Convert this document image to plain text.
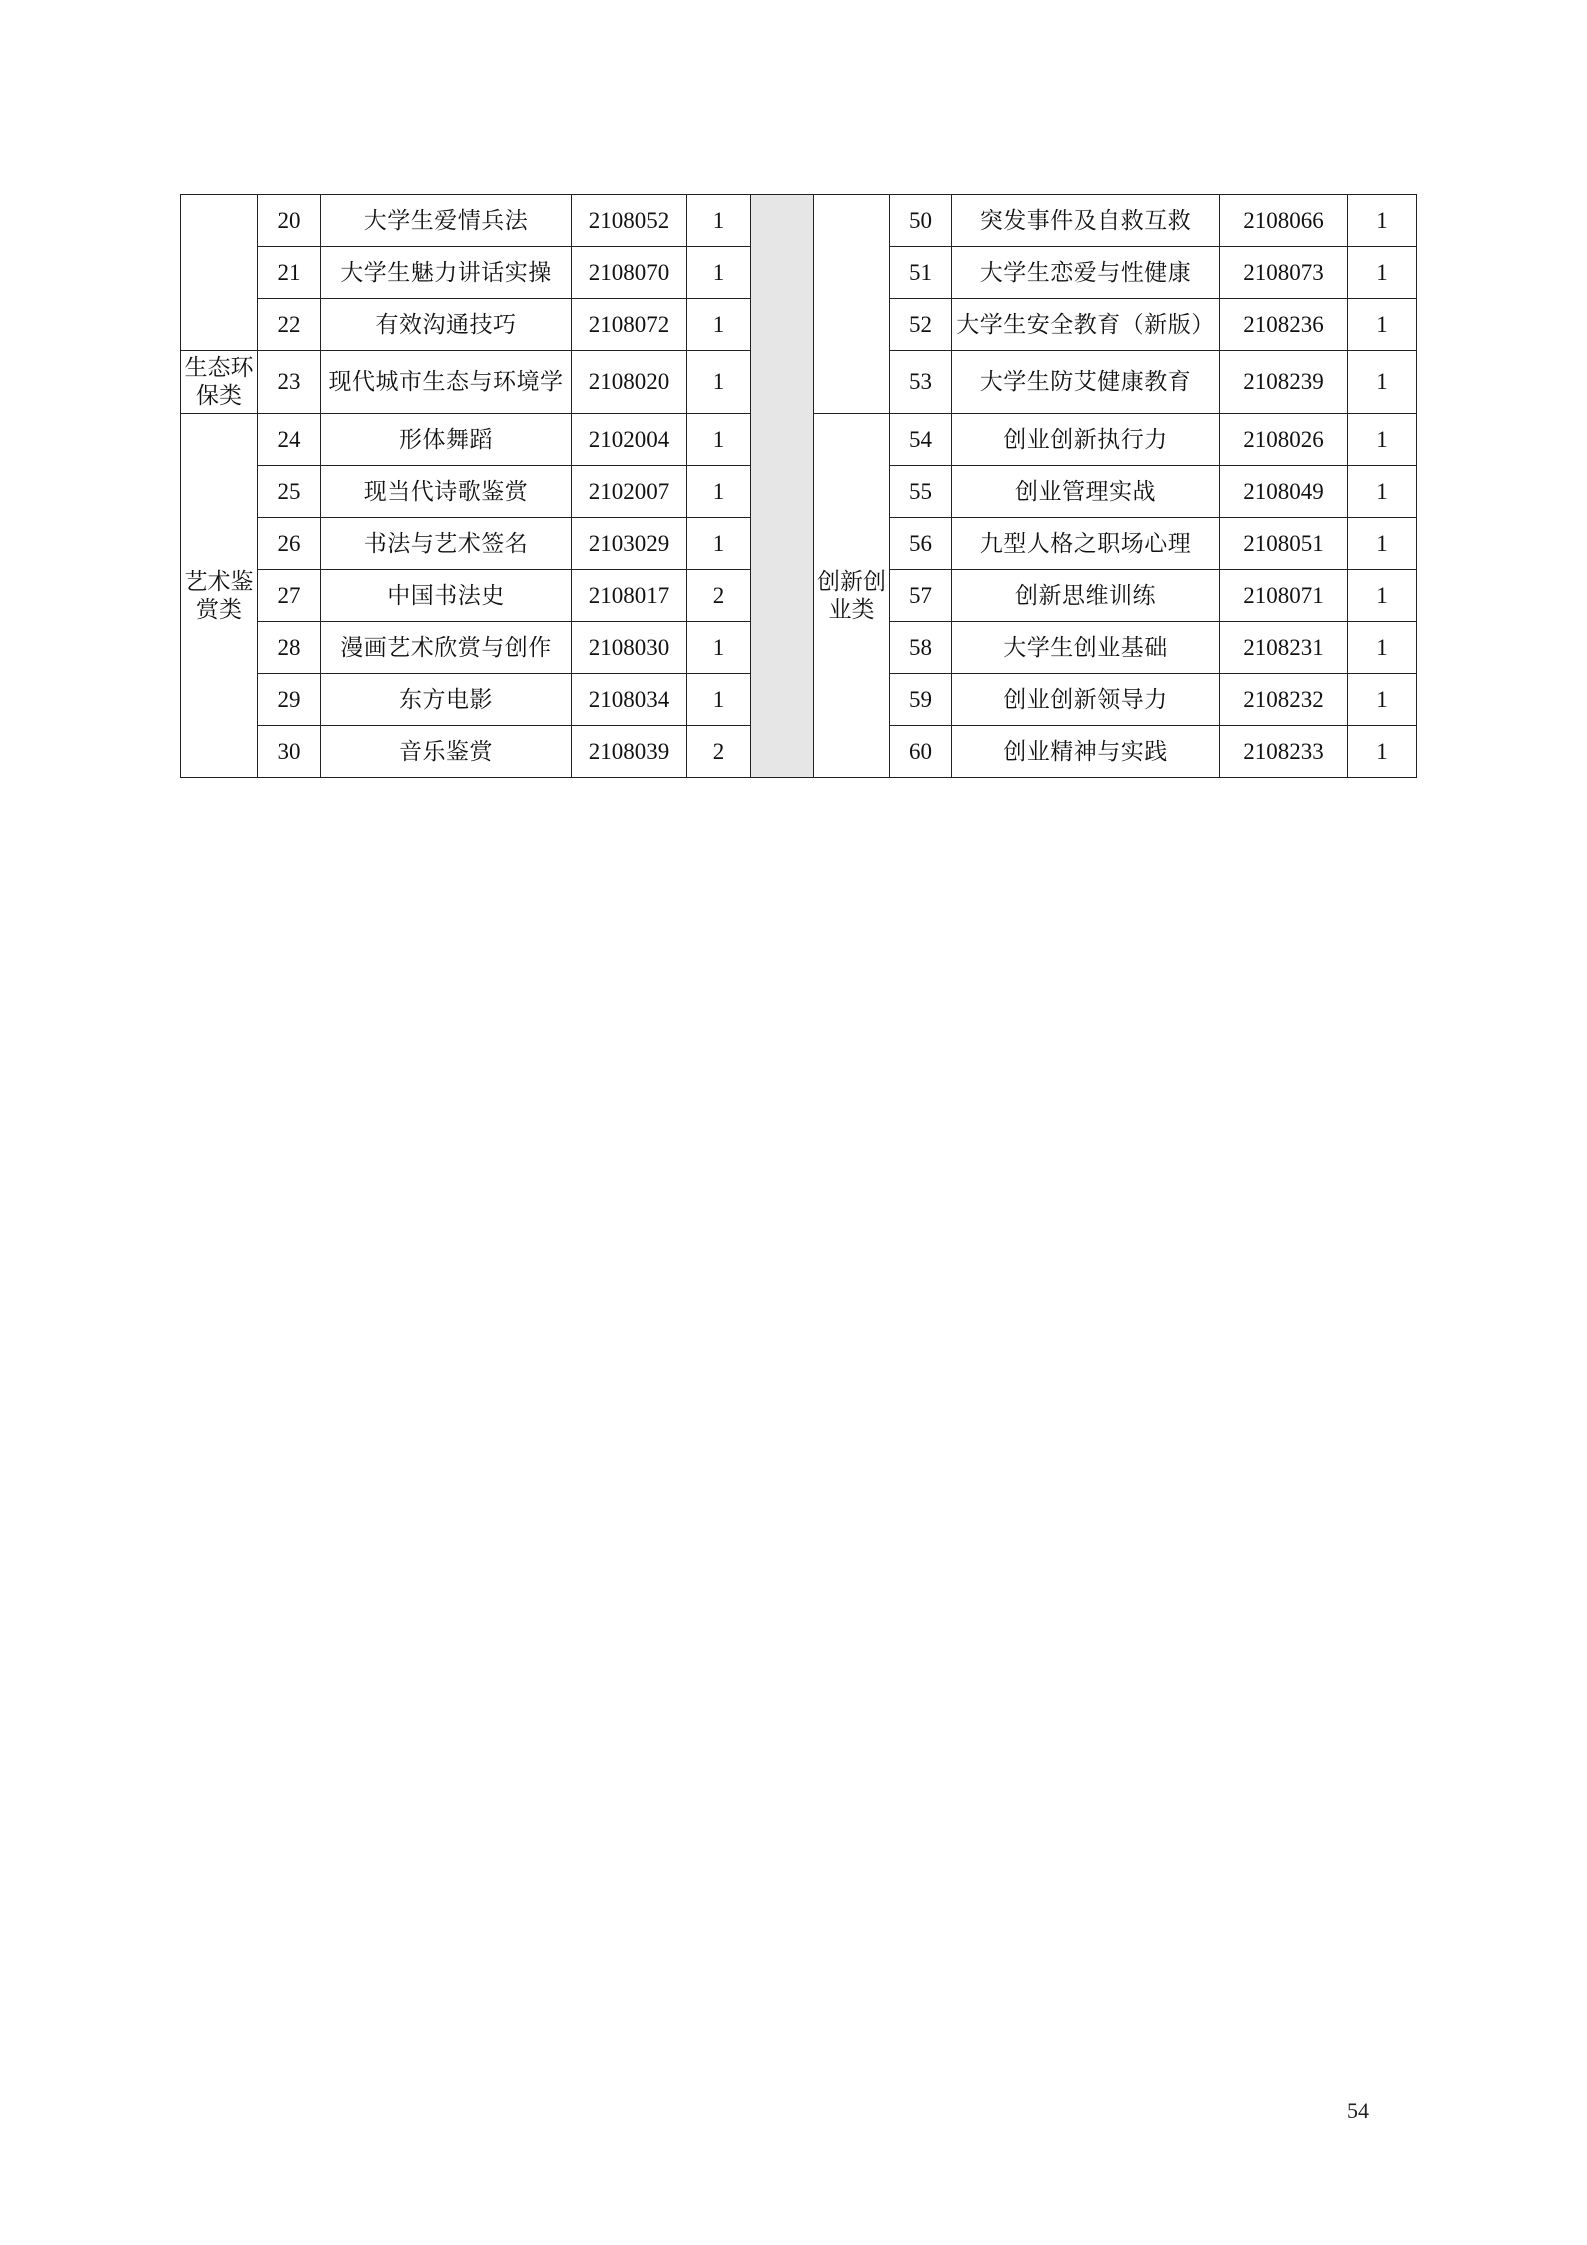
	20	大学生爱情兵法	2108052	1			50	突发事件及自救互救	2108066	1
	21	大学生魅力讲话实操	2108070	1			51	大学生恋爱与性健康	2108073	1
	22	有效沟通技巧	2108072	1			52	大学生安全教育（新版）	2108236	1
生态环保类	23	现代城市生态与环境学	2108020	1			53	大学生防艾健康教育	2108239	1
艺术鉴赏类	24	形体舞蹈	2102004	1		创新创业类	54	创业创新执行力	2108026	1
	25	现当代诗歌鉴赏	2102007	1			55	创业管理实战	2108049	1
	26	书法与艺术签名	2103029	1			56	九型人格之职场心理	2108051	1
	27	中国书法史	2108017	2			57	创新思维训练	2108071	1
	28	漫画艺术欣赏与创作	2108030	1			58	大学生创业基础	2108231	1
	29	东方电影	2108034	1			59	创业创新领导力	2108232	1
	30	音乐鉴赏	2108039	2			60	创业精神与实践	2108233	1
54
